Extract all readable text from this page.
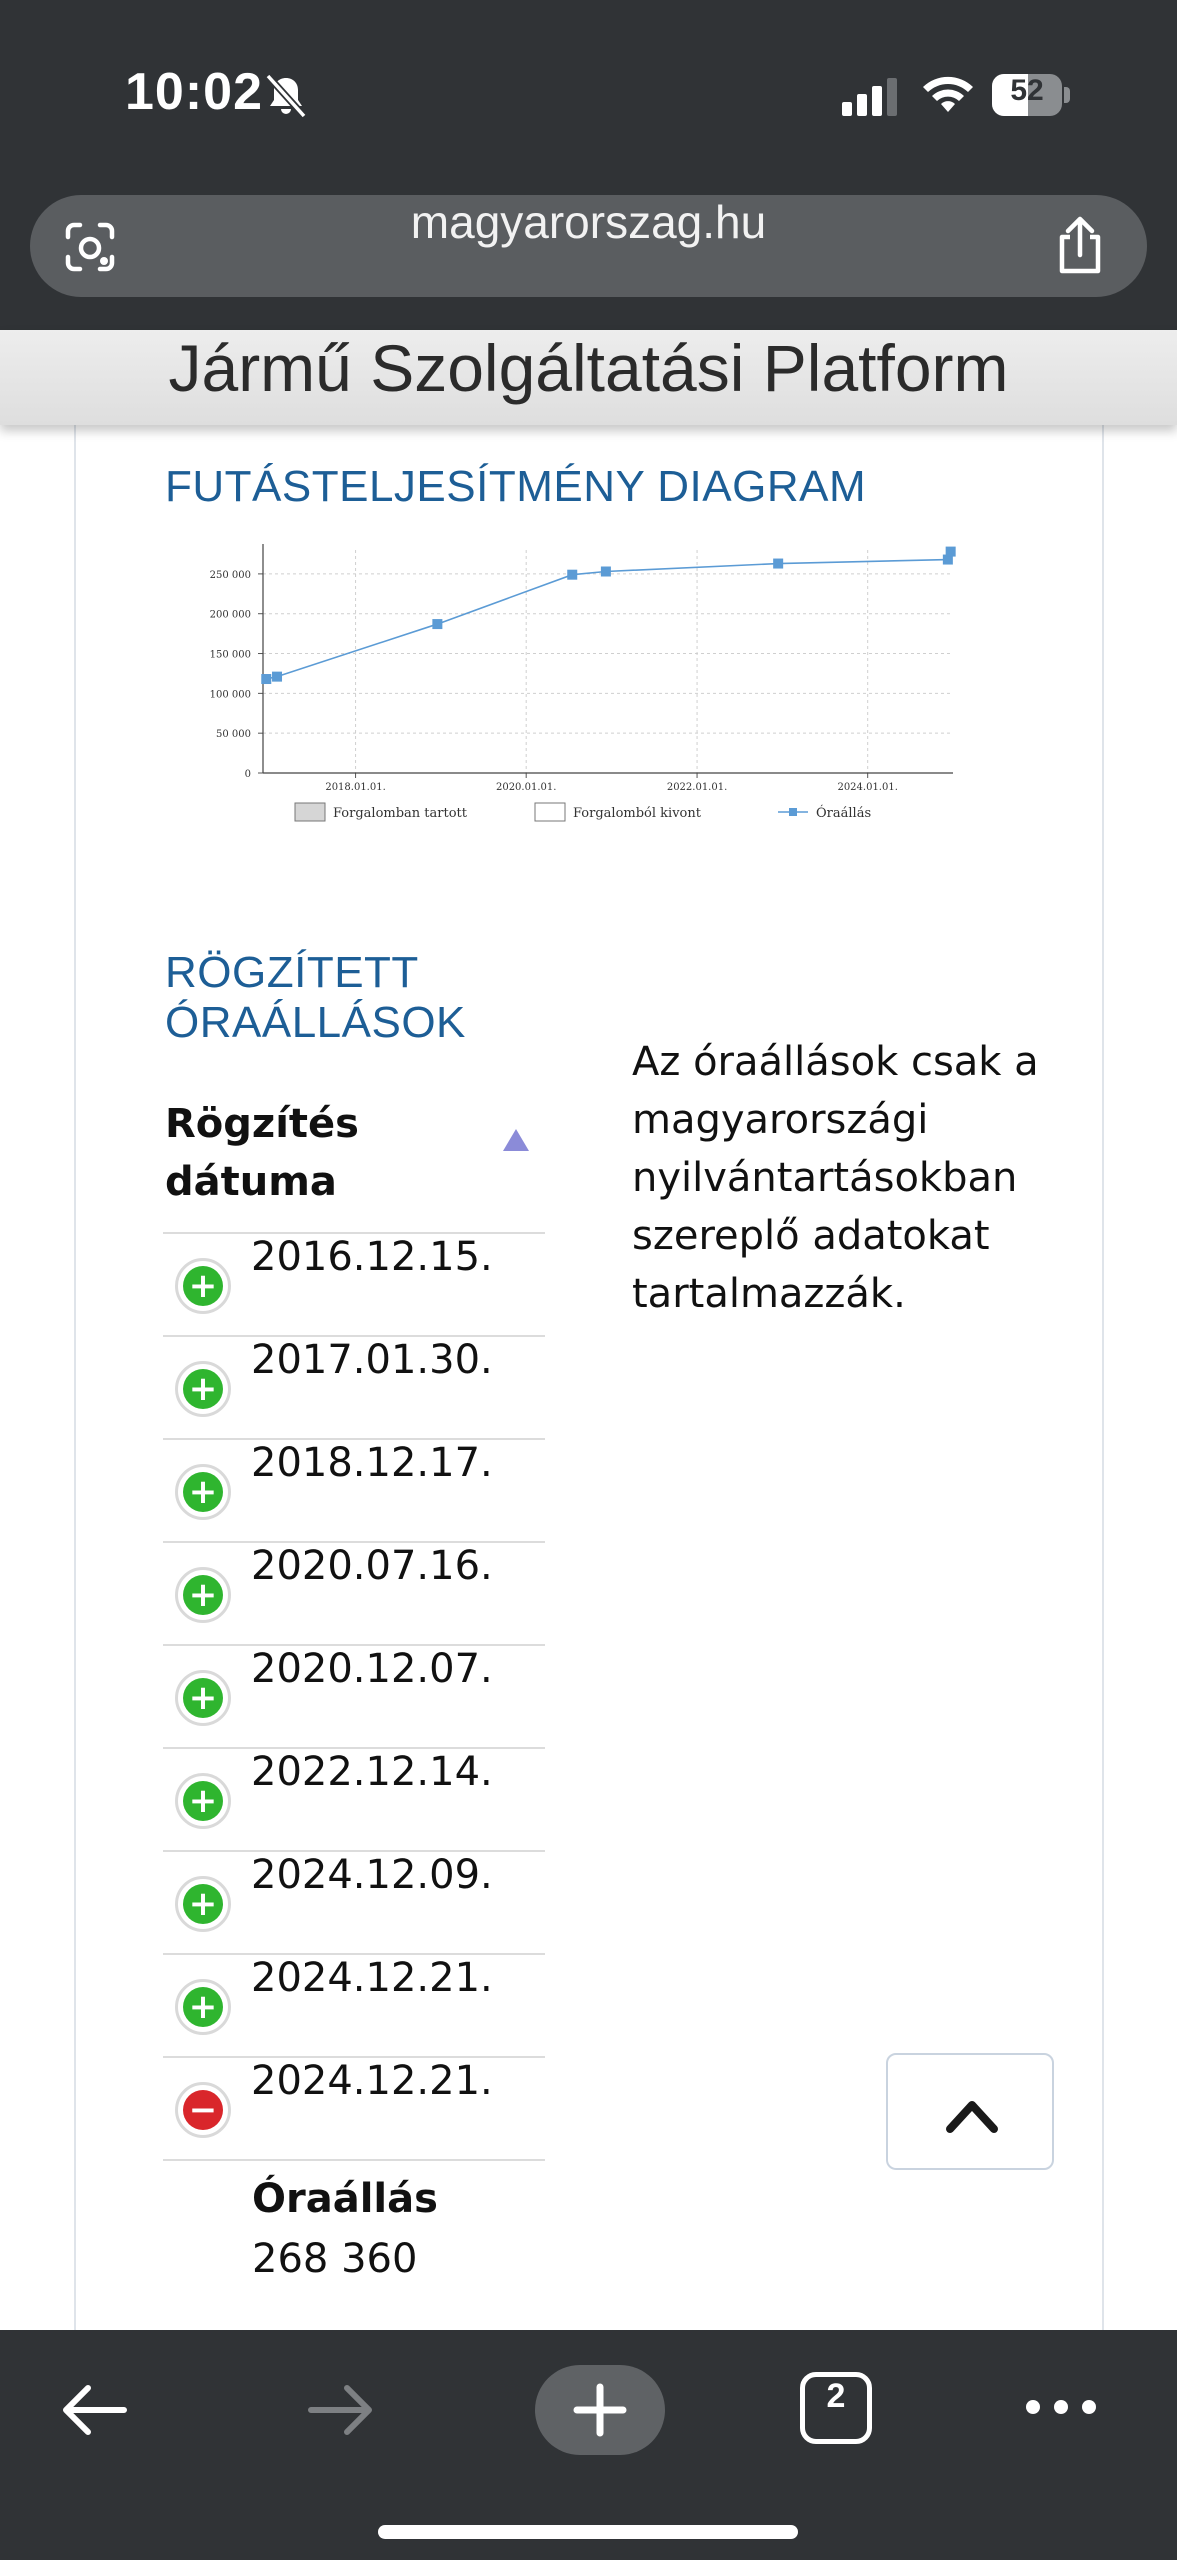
10:02	52
magyarorszag.hu
Jármű Szolgáltatási Platform
FUTÁSTELJESÍTMÉNY DIAGRAM
0
50 000
100 000
150 000
200 000
250 000
2018.01.01.	2020.01.01.	2022.01.01.	2024.01.01.
Forgalomban tartott	Forgalomból kivont	Óraállás
RÖGZÍTETT ÓRAÁLLÁSOK
Rögzítés dátuma
+
2016.12.15.
+
2017.01.30.
+
2018.12.17.
+
2020.07.16.
+
2020.12.07.
+
2022.12.14.
+
2024.12.09.
+
2024.12.21.
−
2024.12.21.
Óraállás
268 360
Az óraállások csak a magyarországi nyilvántartásokban szereplő adatokat tartalmazzák.
2
